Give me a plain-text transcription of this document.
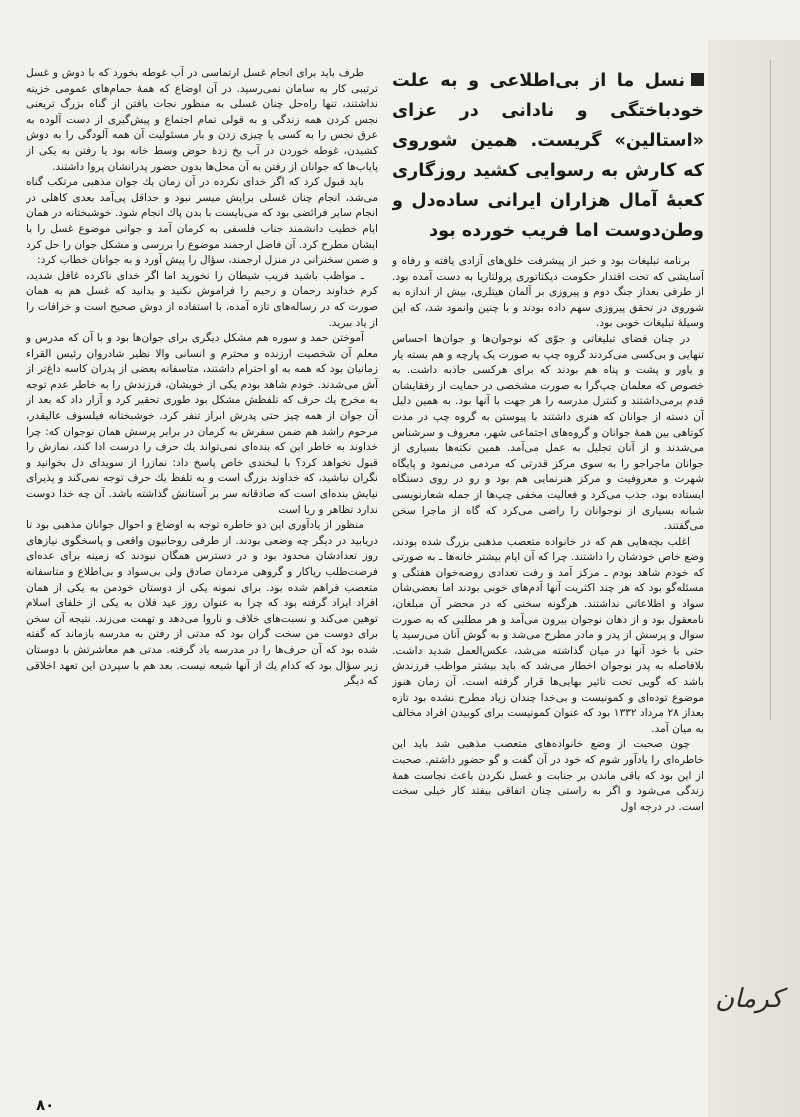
نسل ما از بی‌اطلاعی و به علت خودباختگی و نادانی در عزای «استالین» گریست. همین شوروی که کارش به رسوایی کشید روزگاری کعبهٔ آمال هزاران ایرانی ساده‌دل و وطن‌دوست اما فریب خورده بود

برنامه تبلیغات بود و خبر از پیشرفت خلق‌های آزادی یافته و رفاه و آسایشی که تحت اقتدار حکومت دیکتاتوری پرولتاریا به دست آمده بود. از طرفی بعداز جنگ دوم و پیروزی بر آلمان هیتلری، بیش از اندازه به شوروی در تحقق پیروزی سهم داده بودند و با چنین وانمود شد، که این وسیلهٔ تبلیغات خوبی بود.

در چنان فضای تبلیغاتی و جوّی که نوجوان‌ها و جوان‌ها احساس تنهایی و بی‌کسی می‌کردند گروه چپ به صورت یک پارچه و هم بسته یار و یاور و پشت و پناه هم بودند که برای هرکسی جاذبه داشت. به خصوص که معلمان چپ‌گرا به صورت مشخصی در حمایت از رفقایشان قدم برمی‌داشتند و کنترل مدرسه را هر جهت با آنها بود. به همین دلیل آن دسته از جوانان که هنری داشتند با پیوستن به گروه چپ در مدت کوتاهی بین همهٔ جوانان و گروه‌های اجتماعی شهر، معروف و سرشناس می‌شدند و از آنان تجلیل به عمل می‌آمد. همین نکته‌ها بسیاری از جوانان ماجراجو را به سوی مرکز قدرتی که مردمی می‌نمود و پایگاه شهرت و معروفیت و مرکز هنرنمایی هم بود و رو در روی دستگاه ایستاده بود، جذب می‌کرد و فعالیت مخفی چپ‌ها از جمله شعارنویسی شبانه بسیاری از نوجوانان را راضی می‌کرد که گاه از ماجرا سخن می‌گفتند.

اغلب بچه‌هایی هم که در خانواده متعصب مذهبی بزرگ شده بودند، وضع خاص خودشان را داشتند. چرا که آن ایام بیشتر خانه‌ها ـ به صورتی که خودم شاهد بودم ـ مرکز آمد و رفت تعدادی روضه‌خوان هفتگی و مسئله‌گو بود که هر چند اکثریت آنها آدم‌های خوبی بودند اما بعضی‌شان سواد و اطلاعاتی نداشتند. هرگونه سخنی که در محضر آن مبلغان، نامعقول بود و از دهان نوجوان بیرون می‌آمد و هر مطلبی که به صورت سوال و پرسش از پدر و مادر مطرح می‌شد و به گوش آنان می‌رسید یا حتی با خود آنها در میان گذاشته می‌شد، عکس‌العمل شدید داشت. بلافاصله به پدر نوجوان اخطار می‌شد که باید بیشتر مواظب فرزندش باشد که گویی تحت تاثیر بهایی‌ها قرار گرفته است. آن زمان هنوز موضوع توده‌ای و کمونیست و بی‌خدا چندان زیاد مطرح نشده بود تازه بعداز ۲۸ مرداد ۱۳۳۲ بود که عنوان کمونیست برای کوبیدن افراد مخالف به میان آمد.

چون صحبت از وضع خانواده‌های متعصب مذهبی شد باید این خاطره‌ای را یادآور شوم که خود در آن گفت و گو حضور داشتم. صحبت از این بود که باقی ماندن بر جنابت و غسل نکردن باعث نجاست همهٔ زندگی می‌شود و اگر به راستی چنان اتفاقی بیفتد کار خیلی سخت است. در درجه اول

طرف باید برای انجام غسل ارتماسی در آب غوطه بخورد که با دوش و غسل ترتیبی کار به سامان نمی‌رسید. در آن اوضاع که همهٔ حمام‌های عمومی خزینه نداشتند، تنها راه‌حل چنان غسلی به منظور نجات یافتن از گناه بزرگ تریعنی نجس کردن همه زندگی و به قولی تمام اجتماع و پیش‌گیری از دست آلوده به عرق نجس را به کسی یا چیزی زدن و بار مسئولیت آن همه آلودگی را به دوش کشیدن، غوطه خوردن در آب یخ زدهٔ حوض وسط خانه بود یا رفتن به یکی از پایاب‌ها که جوانان از رفتن به آن محل‌ها بدون حضور پدرانشان پروا داشتند.

باید قبول کرد که اگر خدای نکرده در آن زمان یك جوان مذهبی مرتکب گناه می‌شد، انجام چنان غسلی برایش میسر نبود و حداقل پی‌آمد بعدی کاهلی در انجام سایر فرائضی بود که می‌بایست با بدن پاك انجام شود. خوشبختانه در همان ایام خطیب دانشمند جناب فلسفی به کرمان آمد و جوانی موضوع غسل را با ایشان مطرح کرد. آن فاضل ارجمند موضوع را بررسی و مشکل جوان را حل کرد و ضمن سخنرانی در منزل ارجمند، سؤال را پیش آورد و به جوانان خطاب کرد:

ـ مواظب باشید فریب شیطان را نخورید اما اگر خدای ناکرده غافل شدید، کرم خداوند رحمان و رحیم را فراموش نکنید و بدانید که غسل هم به همان صورت که در رساله‌های تازه آمده، با استفاده از دوش صحیح است و خرافات را از یاد ببرید.

آموختن حمد و سوره هم مشکل دیگری برای جوان‌ها بود و با آن که مدرس و معلم آن شخصیت ارزنده و محترم و انسانی والا نظیر شادروان رئیس القراء زمانیان بود که همه به او احترام داشتند، متاسفانه بعضی از پدران کاسه داغ‌تر از آش می‌شدند. خودم شاهد بودم یکی از خویشان، فرزندش را به خاطر عدم توجه به مخرج یك حرف که تلفظش مشکل بود طوری تحقیر کرد و آزار داد که بعد از آن جوان از همه چیز حتی پدرش ابراز تنفر کرد. خوشبختانه فیلسوف عالیقدر، مرحوم راشد هم ضمن سفرش به کرمان در برابر پرسش همان نوجوان که: چرا خداوند به خاطر این که بنده‌ای نمی‌تواند یك حرف را درست ادا کند، نمازش را قبول نخواهد کرد؟ با لبخندی خاص پاسخ داد: نمازرا از سویدای دل بخوانید و نگران نباشید، که خداوند بزرگ است و به تلفظ یك حرف توجه نمی‌کند و پذیرای نیایش بنده‌ای است که صادقانه سر بر آستانش گذاشته باشد. آن چه خدا دوست ندارد تظاهر و ریا است

منظور از یادآوری این دو خاطره توجه به اوضاع و احوال جوانان مذهبی بود تا دریابید در دیگر چه وضعی بودند. از طرفی روحانیون واقعی و پاسخگوی نیازهای روز تعدادشان محدود بود و در دسترس همگان نبودند که زمینه برای عده‌ای فرصت‌طلب ریاکار و گروهی مردمان صادق ولی بی‌سواد و بی‌اطلاع و متاسفانه متعصب فراهم شده بود. برای نمونه یکی از دوستان خودمن به یکی از همان افراد ایراد گرفته بود که چرا به عنوان روز عید فلان به یکی از خلفای اسلام توهین می‌کند و نسبت‌های خلاف و ناروا می‌دهد و تهمت می‌زند. نتیجه آن سخن برای دوست من سخت گران بود که مدتی از رفتن به مدرسه بازماند که گفته شده بود که آن حرف‌ها را در مدرسه یاد گرفته. مدتی هم معاشرتش با دوستان زیر سؤال بود که کدام یك از آنها شیعه نیست. بعد هم با سپردن این تعهد اخلاقی که دیگر

کرمان
۸۰
